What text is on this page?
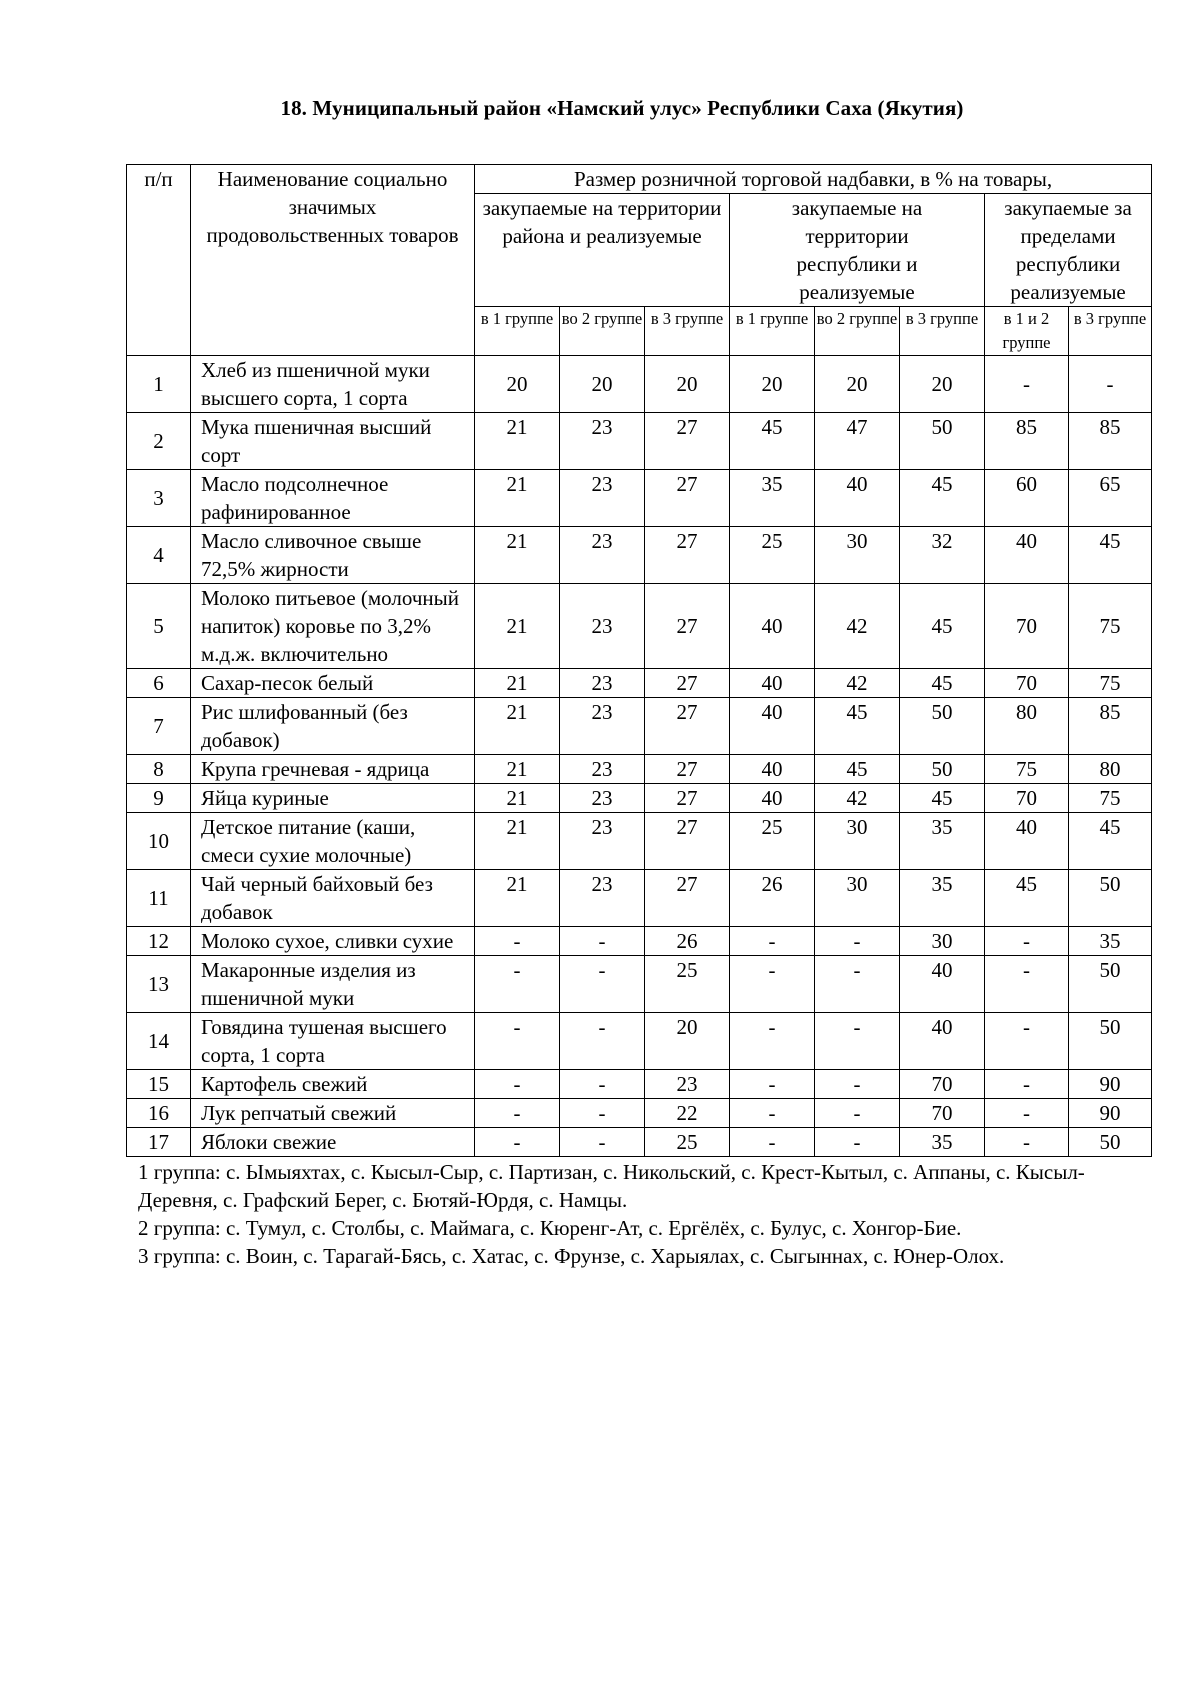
18. Муниципальный район «Намский улус» Республики Саха (Якутия)
п/п	Наименование социально значимых продовольственных товаров	Размер розничной торговой надбавки, в % на товары,							
		закупаемые на территории района и реализуемые			закупаемые на территории республики и реализуемые			закупаемые за пределами республики реализуемые	
		в 1 группе	во 2 группе	в 3 группе	в 1 группе	во 2 группе	в 3 группе	в 1 и 2 группе	в 3 группе
1	Хлеб из пшеничной муки высшего сорта, 1 сорта	20	20	20	20	20	20	-	-
2	Мука пшеничная высший сорт	21	23	27	45	47	50	85	85
3	Масло подсолнечное рафинированное	21	23	27	35	40	45	60	65
4	Масло сливочное свыше 72,5% жирности	21	23	27	25	30	32	40	45
5	Молоко питьевое (молочный напиток) коровье по 3,2% м.д.ж. включительно	21	23	27	40	42	45	70	75
6	Сахар-песок белый	21	23	27	40	42	45	70	75
7	Рис шлифованный (без добавок)	21	23	27	40	45	50	80	85
8	Крупа гречневая - ядрица	21	23	27	40	45	50	75	80
9	Яйца куриные	21	23	27	40	42	45	70	75
10	Детское питание (каши, смеси сухие молочные)	21	23	27	25	30	35	40	45
11	Чай черный байховый без добавок	21	23	27	26	30	35	45	50
12	Молоко сухое, сливки сухие	-	-	26	-	-	30	-	35
13	Макаронные изделия из пшеничной муки	-	-	25	-	-	40	-	50
14	Говядина тушеная высшего сорта, 1 сорта	-	-	20	-	-	40	-	50
15	Картофель свежий	-	-	23	-	-	70	-	90
16	Лук репчатый свежий	-	-	22	-	-	70	-	90
17	Яблоки свежие	-	-	25	-	-	35	-	50

1 группа: с. Ымыяхтах, с. Кысыл-Сыр, с. Партизан, с. Никольский, с. Крест-Кытыл, с. Аппаны, с. Кысыл-Деревня, с. Графский Берег, с. Бютяй-Юрдя, с. Намцы.

2 группа: с. Тумул, с. Столбы, с. Маймага, с. Кюренг-Ат, с. Ергёлёх, с. Булус, с. Хонгор-Бие.

3 группа: с. Воин, с. Тарагай-Бясь, с. Хатас, с. Фрунзе, с. Харыялах, с. Сыгыннах, с. Юнер-Олох.
